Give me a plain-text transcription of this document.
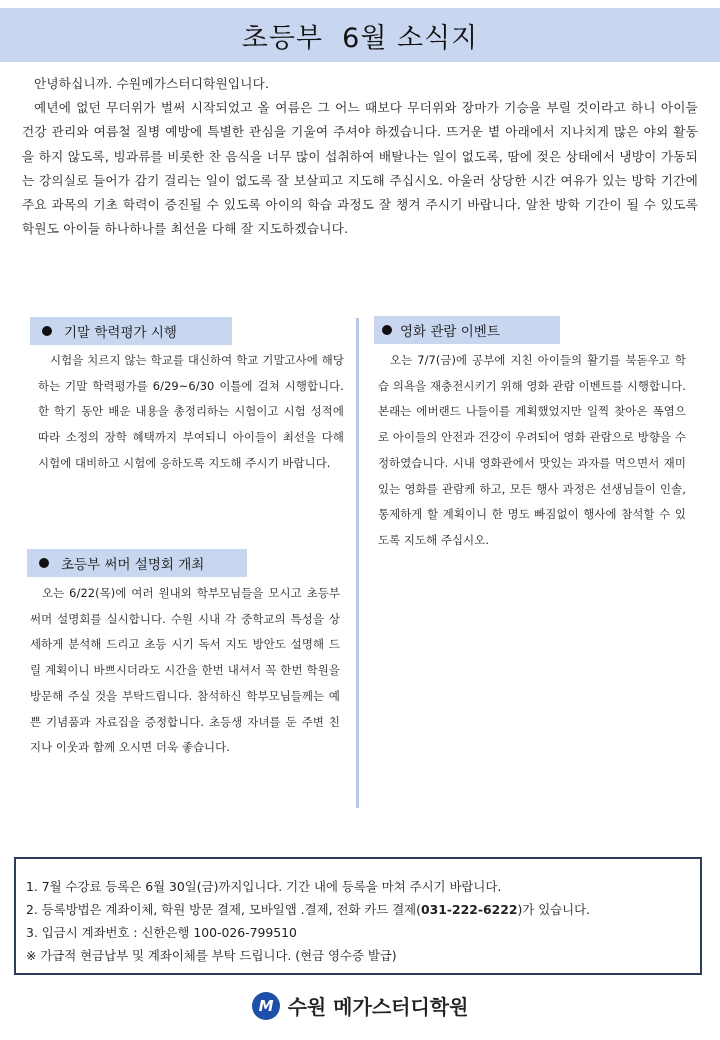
초등부  6월 소식지

안녕하십니까. 수원메가스터디학원입니다.

예년에 없던 무더위가 벌써 시작되었고 올 여름은 그 어느 때보다 무더위와 장마가 기승을 부릴 것이라고 하니 아이들 건강 관리와 여름철 질병 예방에 특별한 관심을 기울여 주셔야 하겠습니다. 뜨거운 볕 아래에서 지나치게 많은 야외 활동을 하지 않도록, 빙과류를 비롯한 찬 음식을 너무 많이 섭취하여 배탈나는 일이 없도록, 땀에 젖은 상태에서 냉방이 가동되는 강의실로 들어가 감기 걸리는 일이 없도록 잘 보살피고 지도해 주십시오. 아울러 상당한 시간 여유가 있는 방학 기간에 주요 과목의 기초 학력이 증진될 수 있도록 아이의 학습 과정도 잘 챙겨 주시기 바랍니다. 알찬 방학 기간이 될 수 있도록 학원도 아이들 하나하나를 최선을 다해 잘 지도하겠습니다.

기말 학력평가 시행

시험을 치르지 않는 학교를 대신하여 학교 기말고사에 해당하는 기말 학력평가를 6/29~6/30 이틀에 걸쳐 시행합니다. 한 학기 동안 배운 내용을 총정리하는 시험이고 시험 성적에 따라 소정의 장학 혜택까지 부여되니 아이들이 최선을 다해 시험에 대비하고 시험에 응하도록 지도해 주시기 바랍니다.

영화 관람 이벤트

오는 7/7(금)에 공부에 지친 아이들의 활기를 북돋우고 학습 의욕을 재충전시키기 위해 영화 관람 이벤트를 시행합니다. 본래는 에버랜드 나들이를 계획했었지만 일찍 찾아온 폭염으로 아이들의 안전과 건강이 우려되어 영화 관람으로 방향을 수정하였습니다. 시내 영화관에서 맛있는 과자를 먹으면서 재미있는 영화를 관람케 하고, 모든 행사 과정은 선생님들이 인솔, 통제하게 할 계획이니 한 명도 빠짐없이 행사에 참석할 수 있도록 지도해 주십시오.

초등부 써머 설명회 개최

오는 6/22(목)에 여러 원내외 학부모님들을 모시고 초등부 써머 설명회를 실시합니다. 수원 시내 각 중학교의 특성을 상세하게 분석해 드리고 초등 시기 독서 지도 방안도 설명해 드릴 계획이니 바쁘시더라도 시간을 한번 내셔서 꼭 한번 학원을 방문해 주실 것을 부탁드립니다. 참석하신 학부모님들께는 예쁜 기념품과 자료집을 증정합니다. 초등생 자녀를 둔 주변 친지나 이웃과 함께 오시면 더욱 좋습니다.

1. 7월 수강료 등록은 6월 30일(금)까지입니다. 기간 내에 등록을 마쳐 주시기 바랍니다.
2. 등록방법은 계좌이체, 학원 방문 결제, 모바일앱 .결제, 전화 카드 결제(031-222-6222)가 있습니다.
3. 입금시 계좌번호 : 신한은행 100-026-799510
※ 가급적 현금납부 및 계좌이체를 부탁 드립니다. (현금 영수증 발급)
M 수원 메가스터디학원
